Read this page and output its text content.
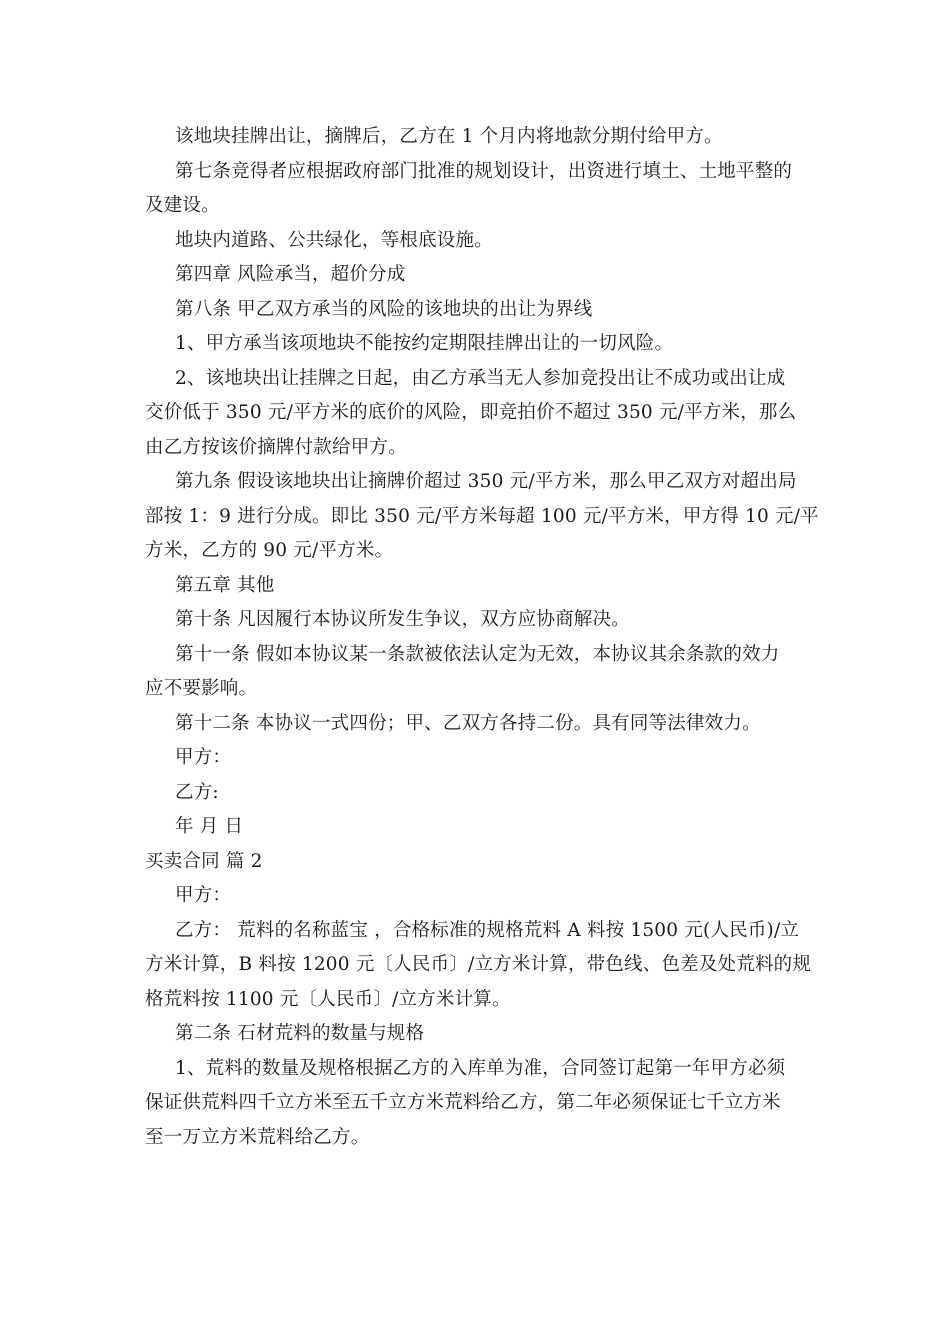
该地块挂牌出让，摘牌后，乙方在 1 个月内将地款分期付给甲方。
第七条竞得者应根据政府部门批准的规划设计，出资进行填土、土地平整的
及建设。
地块内道路、公共绿化，等根底设施。
第四章 风险承当，超价分成
第八条 甲乙双方承当的风险的该地块的出让为界线
1、甲方承当该项地块不能按约定期限挂牌出让的一切风险。
2、该地块出让挂牌之日起，由乙方承当无人参加竞投出让不成功或出让成
交价低于 350 元/平方米的底价的风险，即竞拍价不超过 350 元/平方米，那么
由乙方按该价摘牌付款给甲方。
第九条 假设该地块出让摘牌价超过 350 元/平方米，那么甲乙双方对超出局
部按 1：9 进行分成。即比 350 元/平方米每超 100 元/平方米，甲方得 10 元/平
方米，乙方的 90 元/平方米。
第五章 其他
第十条 凡因履行本协议所发生争议，双方应协商解决。
第十一条 假如本协议某一条款被依法认定为无效，本协议其余条款的效力
应不要影响。
第十二条 本协议一式四份；甲、乙双方各持二份。具有同等法律效力。
甲方：
乙方:
年 月 日
买卖合同 篇 2
甲方：
乙方： 荒料的名称蓝宝 ，合格标准的规格荒料 A 料按 1500 元(人民币)/立
方米计算，B 料按 1200 元〔人民币〕/立方米计算，带色线、色差及处荒料的规
格荒料按 1100 元〔人民币〕/立方米计算。
第二条 石材荒料的数量与规格
1、荒料的数量及规格根据乙方的入库单为准，合同签订起第一年甲方必须
保证供荒料四千立方米至五千立方米荒料给乙方，第二年必须保证七千立方米
至一万立方米荒料给乙方。
